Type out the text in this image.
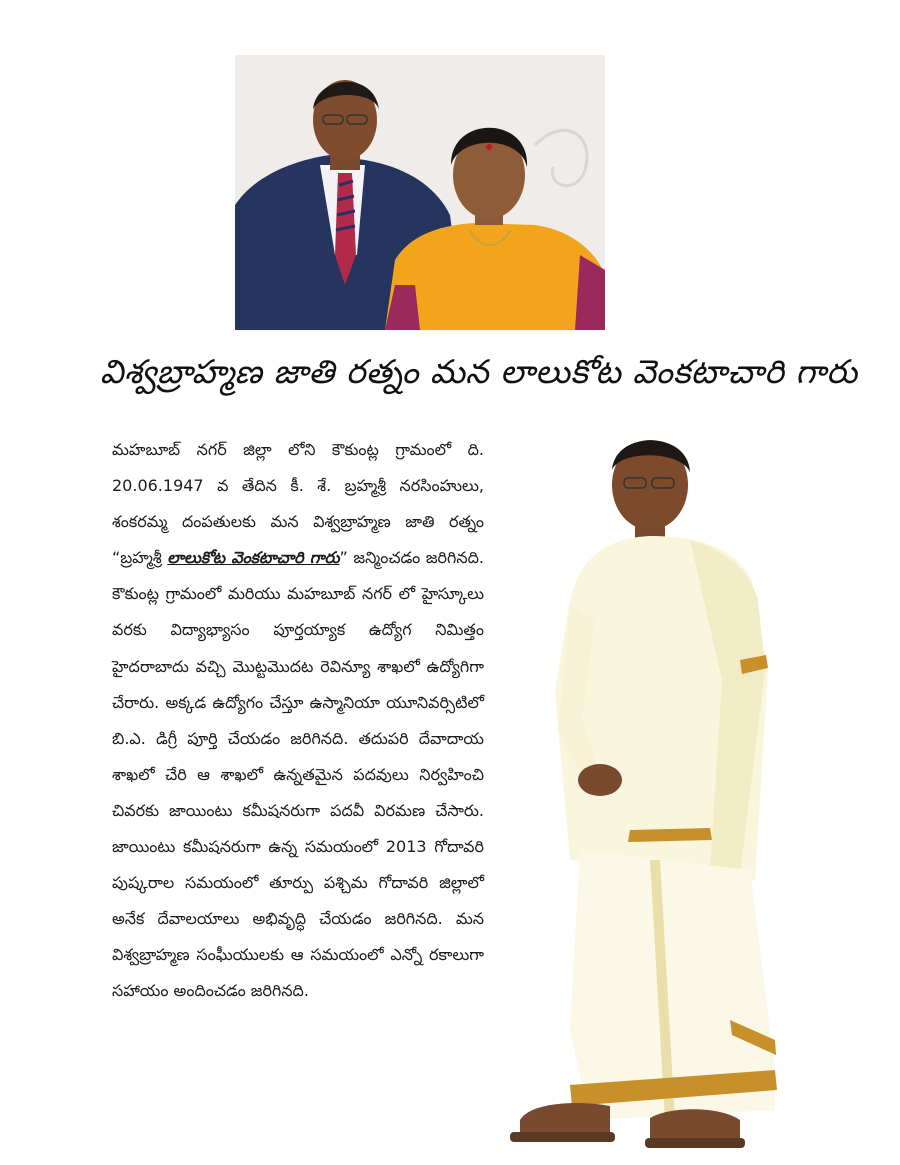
విశ్వబ్రాహ్మణ జాతి రత్నం మన లాలుకోట వెంకటాచారి గారు
మహబూబ్ నగర్ జిల్లా లోని కౌకుంట్ల గ్రామంలో ది. 20.06.1947 వ తేదిన కీ. శే. బ్రహ్మశ్రీ నరసింహులు, శంకరమ్మ దంపతులకు మన విశ్వబ్రాహ్మణ జాతి రత్నం “బ్రహ్మశ్రీ లాలుకోట వెంకటాచారి గారు” జన్మించడం జరిగినది. కౌకుంట్ల గ్రామంలో మరియు మహబూబ్ నగర్ లో హైస్కూలు వరకు విద్యాభ్యాసం పూర్తయ్యాక ఉద్యోగ నిమిత్తం హైదరాబాదు వచ్చి మొట్టమొదట రెవిన్యూ శాఖలో ఉద్యోగిగా చేరారు. అక్కడ ఉద్యోగం చేస్తూ ఉస్మానియా యూనివర్సిటిలో బి.ఎ. డిగ్రీ పూర్తి చేయడం జరిగినది. తదుపరి దేవాదాయ శాఖలో చేరి ఆ శాఖలో ఉన్నతమైన పదవులు నిర్వహించి చివరకు జాయింటు కమీషనరుగా పదవీ విరమణ చేసారు. జాయింటు కమీషనరుగా ఉన్న సమయంలో 2013 గోదావరి పుష్కరాల సమయంలో తూర్పు పశ్చిమ గోదావరి జిల్లాలో అనేక దేవాలయాలు అభివృద్ధి చేయడం జరిగినది. మన విశ్వబ్రాహ్మణ సంఘీయులకు ఆ సమయంలో ఎన్నో రకాలుగా సహాయం అందించడం జరిగినది.
